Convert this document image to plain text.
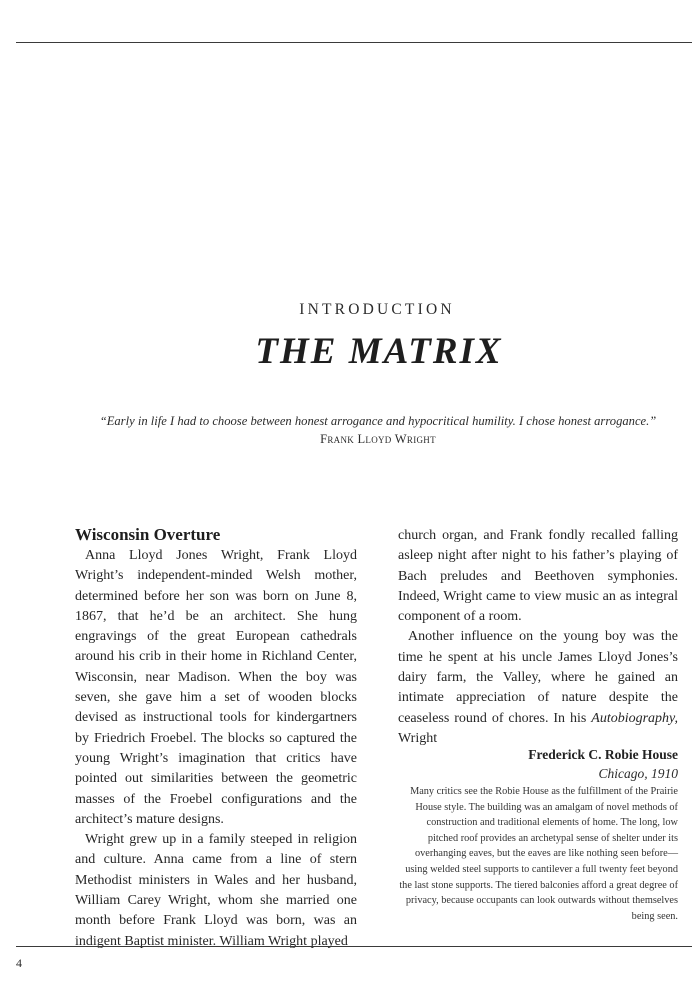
INTRODUCTION
THE MATRIX
“Early in life I had to choose between honest arrogance and hypocritical humility. I chose honest arrogance.”
Frank Lloyd Wright
Wisconsin Overture

Anna Lloyd Jones Wright, Frank Lloyd Wright’s independent-minded Welsh mother, determined before her son was born on June 8, 1867, that he’d be an architect. She hung engravings of the great European cathedrals around his crib in their home in Richland Center, Wisconsin, near Madison. When the boy was seven, she gave him a set of wooden blocks devised as instructional tools for kindergartners by Friedrich Froebel. The blocks so captured the young Wright’s imagination that critics have pointed out similarities between the geometric masses of the Froebel configurations and the architect’s mature designs.

Wright grew up in a family steeped in religion and culture. Anna came from a line of stern Methodist ministers in Wales and her husband, William Carey Wright, whom she married one month before Frank Lloyd was born, was an indigent Baptist minister. William Wright played

church organ, and Frank fondly recalled falling asleep night after night to his father’s playing of Bach preludes and Beethoven symphonies. Indeed, Wright came to view music an as integral component of a room.

Another influence on the young boy was the time he spent at his uncle James Lloyd Jones’s dairy farm, the Valley, where he gained an intimate appreciation of nature despite the ceaseless round of chores. In his Autobiography, Wright

Frederick C. Robie House
Chicago, 1910
Many critics see the Robie House as the fulfillment of the Prairie House style. The building was an amalgam of novel methods of construction and traditional elements of home. The long, low pitched roof provides an archetypal sense of shelter under its overhanging eaves, but the eaves are like nothing seen before—using welded steel supports to cantilever a full twenty feet beyond the last stone supports. The tiered balconies afford a great degree of privacy, because occupants can look outwards without themselves being seen.
4
